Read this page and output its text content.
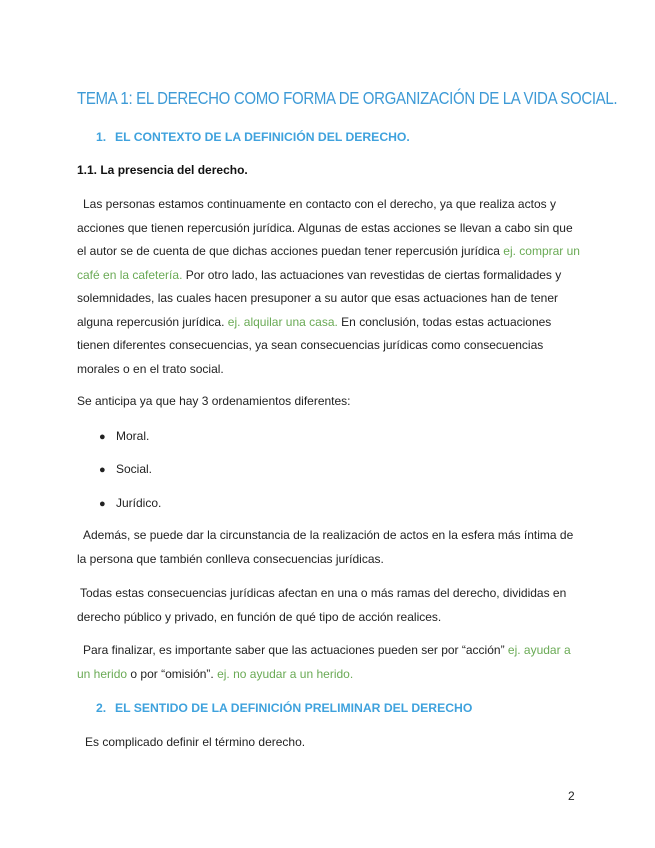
TEMA 1: EL DERECHO COMO FORMA DE ORGANIZACIÓN DE LA VIDA SOCIAL.
1. EL CONTEXTO DE LA DEFINICIÓN DEL DERECHO.
1.1. La presencia del derecho.
Las personas estamos continuamente en contacto con el derecho, ya que realiza actos y acciones que tienen repercusión jurídica. Algunas de estas acciones se llevan a cabo sin que el autor se de cuenta de que dichas acciones puedan tener repercusión jurídica ej. comprar un café en la cafetería. Por otro lado, las actuaciones van revestidas de ciertas formalidades y solemnidades, las cuales hacen presuponer a su autor que esas actuaciones han de tener alguna repercusión jurídica. ej. alquilar una casa. En conclusión, todas estas actuaciones tienen diferentes consecuencias, ya sean consecuencias jurídicas como consecuencias morales o en el trato social.
Se anticipa ya que hay 3 ordenamientos diferentes:
● Moral.
● Social.
● Jurídico.
Además, se puede dar la circunstancia de la realización de actos en la esfera más íntima de la persona que también conlleva consecuencias jurídicas.
Todas estas consecuencias jurídicas afectan en una o más ramas del derecho, divididas en derecho público y privado, en función de qué tipo de acción realices.
Para finalizar, es importante saber que las actuaciones pueden ser por “acción” ej. ayudar a un herido o por “omisión”. ej. no ayudar a un herido.
2. EL SENTIDO DE LA DEFINICIÓN PRELIMINAR DEL DERECHO
Es complicado definir el término derecho.
2
